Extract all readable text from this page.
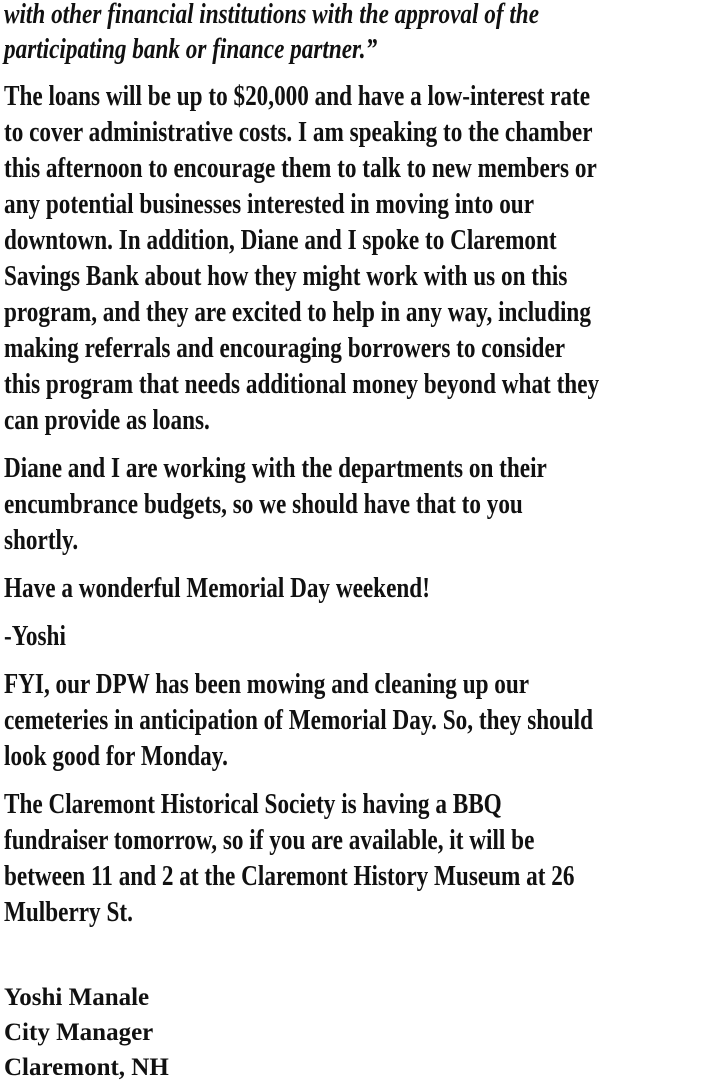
with other financial institutions with the approval of the
participating bank or finance partner.”
The loans will be up to $20,000 and have a low-interest rate
to cover administrative costs. I am speaking to the chamber
this afternoon to encourage them to talk to new members or
any potential businesses interested in moving into our
downtown. In addition, Diane and I spoke to Claremont
Savings Bank about how they might work with us on this
program, and they are excited to help in any way, including
making referrals and encouraging borrowers to consider
this program that needs additional money beyond what they
can provide as loans.
Diane and I are working with the departments on their
encumbrance budgets, so we should have that to you
shortly.
Have a wonderful Memorial Day weekend!
-Yoshi
FYI, our DPW has been mowing and cleaning up our
cemeteries in anticipation of Memorial Day. So, they should
look good for Monday.
The Claremont Historical Society is having a BBQ
fundraiser tomorrow, so if you are available, it will be
between 11 and 2 at the Claremont History Museum at 26
Mulberry St.
Yoshi Manale
City Manager
Claremont, NH
